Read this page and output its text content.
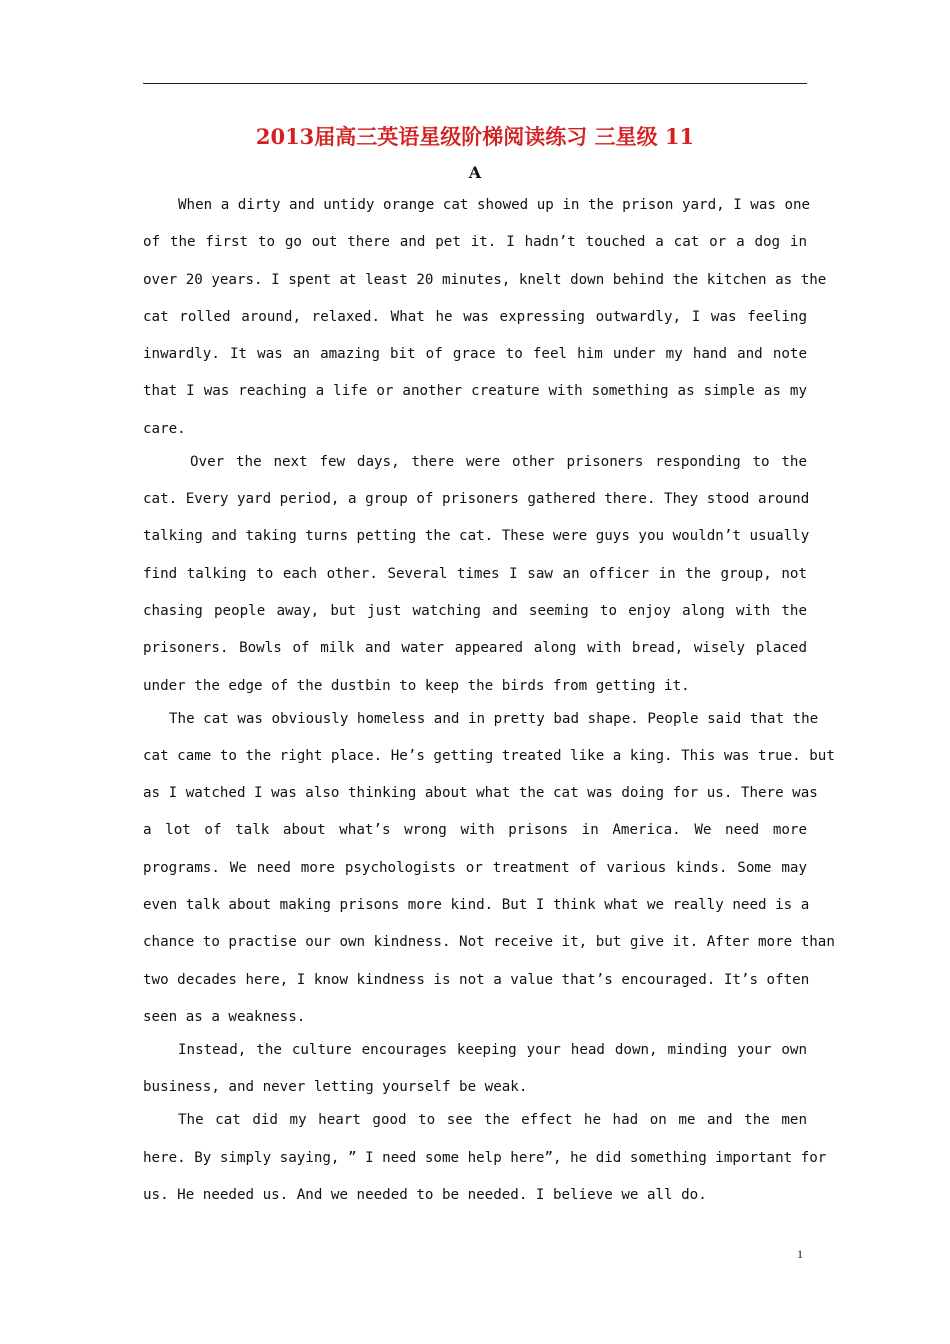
2013届高三英语星级阶梯阅读练习 三星级 11
A
When a dirty and untidy orange cat showed up in the prison yard, I was one
of the first to go out there and pet it. I hadn’t touched a cat or a dog in
over 20 years. I spent at least 20 minutes, knelt down behind the kitchen as the
cat rolled around, relaxed. What he was expressing outwardly, I was feeling
inwardly. It was an amazing bit of grace to feel him under my hand and note
that I was reaching a life or another creature with something as simple as my
care.
Over the next few days, there were other prisoners responding to the
cat. Every yard period, a group of prisoners gathered there. They stood around
talking and taking turns petting the cat. These were guys you wouldn’t usually
find talking to each other. Several times I saw an officer in the group, not
chasing people away, but just watching and seeming to enjoy along with the
prisoners. Bowls of milk and water appeared along with bread, wisely placed
under the edge of the dustbin to keep the birds from getting it.
The cat was obviously homeless and in pretty bad shape. People said that the
cat came to the right place. He’s getting treated like a king. This was true. but
as I watched I was also thinking about what the cat was doing for us. There was
a lot of talk about what’s wrong with prisons in America. We need more
programs. We need more psychologists or treatment of various kinds. Some may
even talk about making prisons more kind. But I think what we really need is a
chance to practise our own kindness. Not receive it, but give it. After more than
two decades here, I know kindness is not a value that’s encouraged. It’s often
seen as a weakness.
Instead, the culture encourages keeping your head down, minding your own
business, and never letting yourself be weak.
The cat did my heart good to see the effect he had on me and the men
here. By simply saying, ” I need some help here”, he did something important for
us. He needed us. And we needed to be needed. I believe we all do.
1
